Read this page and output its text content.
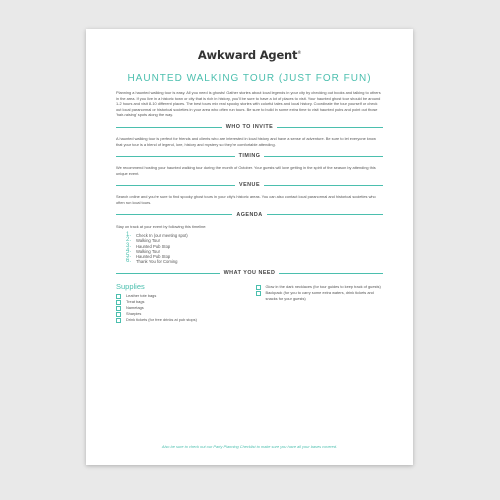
Awkward Agent®
HAUNTED WALKING TOUR (JUST FOR FUN)

Planning a haunted walking tour is easy. All you need is ghosts! Gather stories about local legends in your city by checking out books and talking to others in the area. If you live in a historic town or city that is rich in history, you'll be sure to have a lot of places to visit. Your haunted ghost tour should be around 1-2 hours and visit 8-10 different places. The best tours mix real spooky stories with colorful tales and local history. Coordinate the tour yourself or check out local paranormal or historical societies in your area who often run tours. Be sure to build in some extra time to visit haunted pubs and point out those 'hair-raising' spots along the way.

WHO TO INVITE

A haunted walking tour is perfect for friends and clients who are interested in local history and have a sense of adventure. Be sure to let everyone know that your tour is a blend of legend, lore, history and mystery so they're comfortable attending.

TIMING

We recommend hosting your haunted walking tour during the month of October. Your guests will love getting in the spirit of the season by attending this unique event.

VENUE

Search online and you're sure to find spooky ghost tours in your city's historic areas. You can also contact local paranormal and historical societies who often run local tours.

AGENDA

Stay on track at your event by following this timeline:

1.	Check In (our meeting spot)
2.	Walking Tour
3.	Haunted Pub Stop
4.	Walking Tour
5.	Haunted Pub Stop
6.	Thank You for Coming
WHAT YOU NEED
Supplies
Leather tote bags
Treat bags
Nametags
Sharpies
Drink tickets (for free drinks at pub stops)
Glow in the dark necklaces (for tour guides to keep track of guests)
Backpack (for you to carry some extra waters, drink tickets and snacks for your guests)
Also be sure to check out our Party Planning Checklist to make sure you have all your bases covered.
